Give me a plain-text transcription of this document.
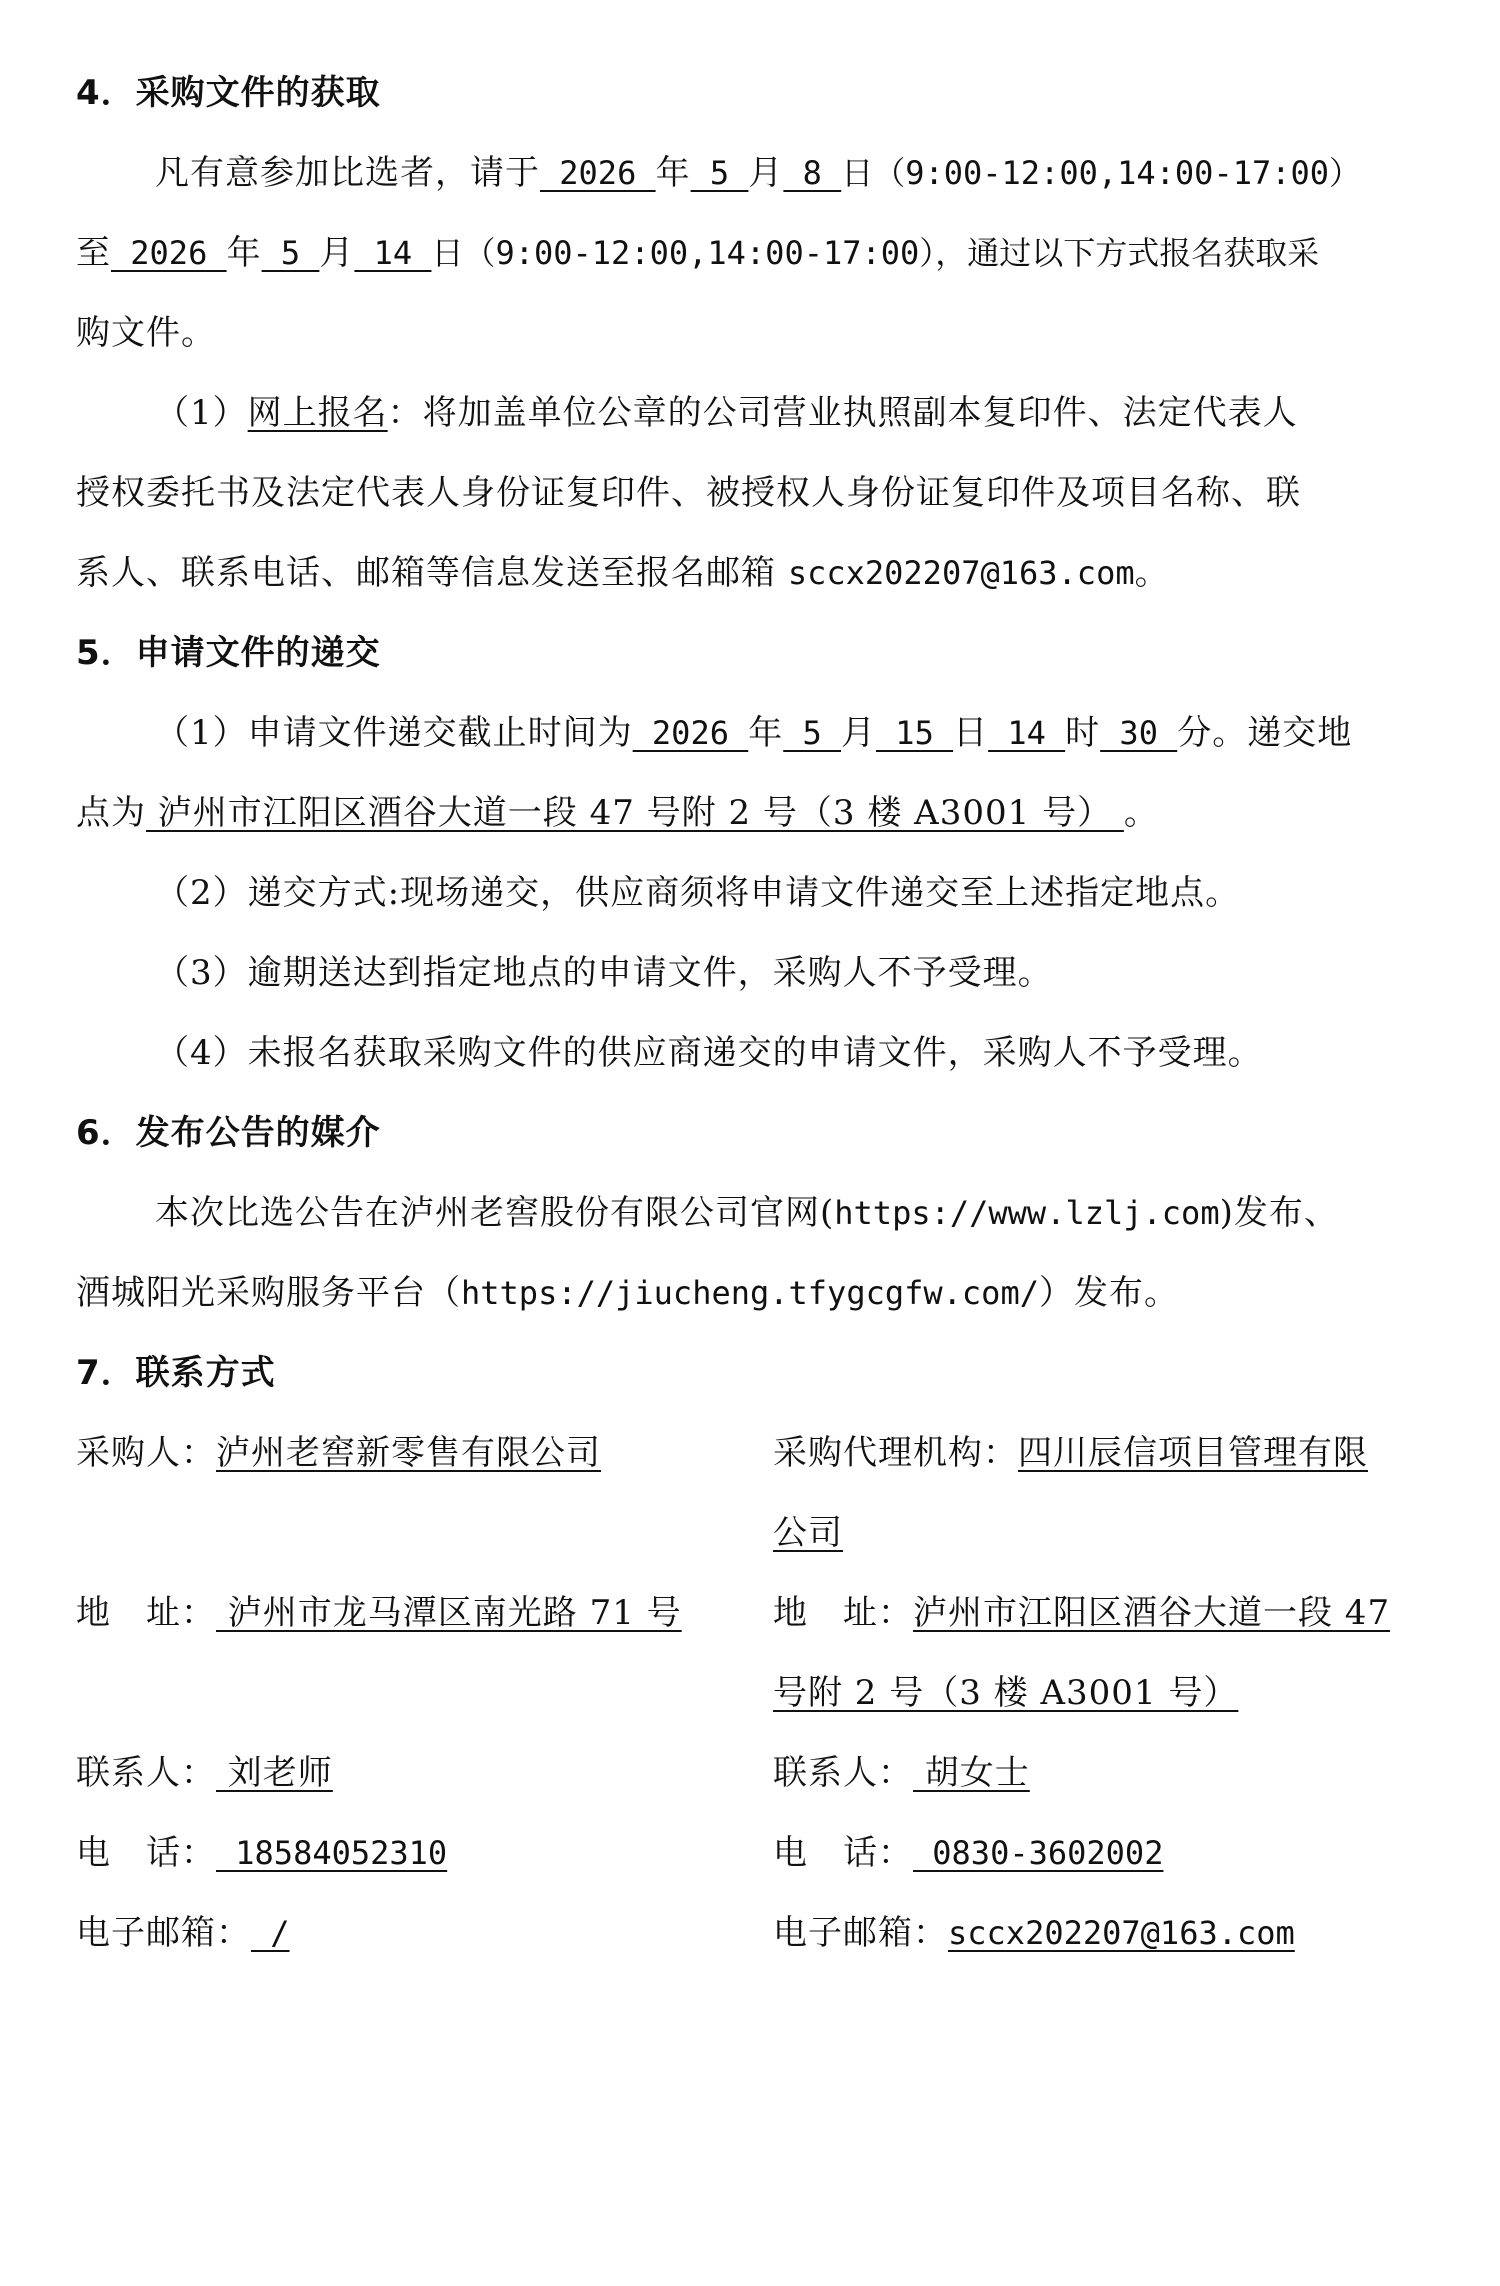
4．采购文件的获取
凡有意参加比选者，请于 2026 年 5 月 8 日（9:00-12:00,14:00-17:00）
至 2026 年 5 月 14 日（9:00-12:00,14:00-17:00），通过以下方式报名获取采
购文件。
（1）网上报名：将加盖单位公章的公司营业执照副本复印件、法定代表人
授权委托书及法定代表人身份证复印件、被授权人身份证复印件及项目名称、联
系人、联系电话、邮箱等信息发送至报名邮箱 sccx202207@163.com。
5．申请文件的递交
（1）申请文件递交截止时间为 2026 年 5 月 15 日 14 时 30 分。递交地
点为 泸州市江阳区酒谷大道一段 47 号附 2 号（3 楼 A3001 号） 。
（2）递交方式:现场递交，供应商须将申请文件递交至上述指定地点。
（3）逾期送达到指定地点的申请文件，采购人不予受理。
（4）未报名获取采购文件的供应商递交的申请文件，采购人不予受理。
6．发布公告的媒介
本次比选公告在泸州老窖股份有限公司官网(https://www.lzlj.com)发布、
酒城阳光采购服务平台（https://jiucheng.tfygcgfw.com/）发布。
7．联系方式
采购人：泸州老窖新零售有限公司
地　址： 泸州市龙马潭区南光路 71 号
联系人： 刘老师
电　话： 18584052310
电子邮箱： /
采购代理机构：四川辰信项目管理有限
公司
地　址：泸州市江阳区酒谷大道一段 47
号附 2 号（3 楼 A3001 号）
联系人： 胡女士
电　话： 0830-3602002
电子邮箱：sccx202207@163.com
